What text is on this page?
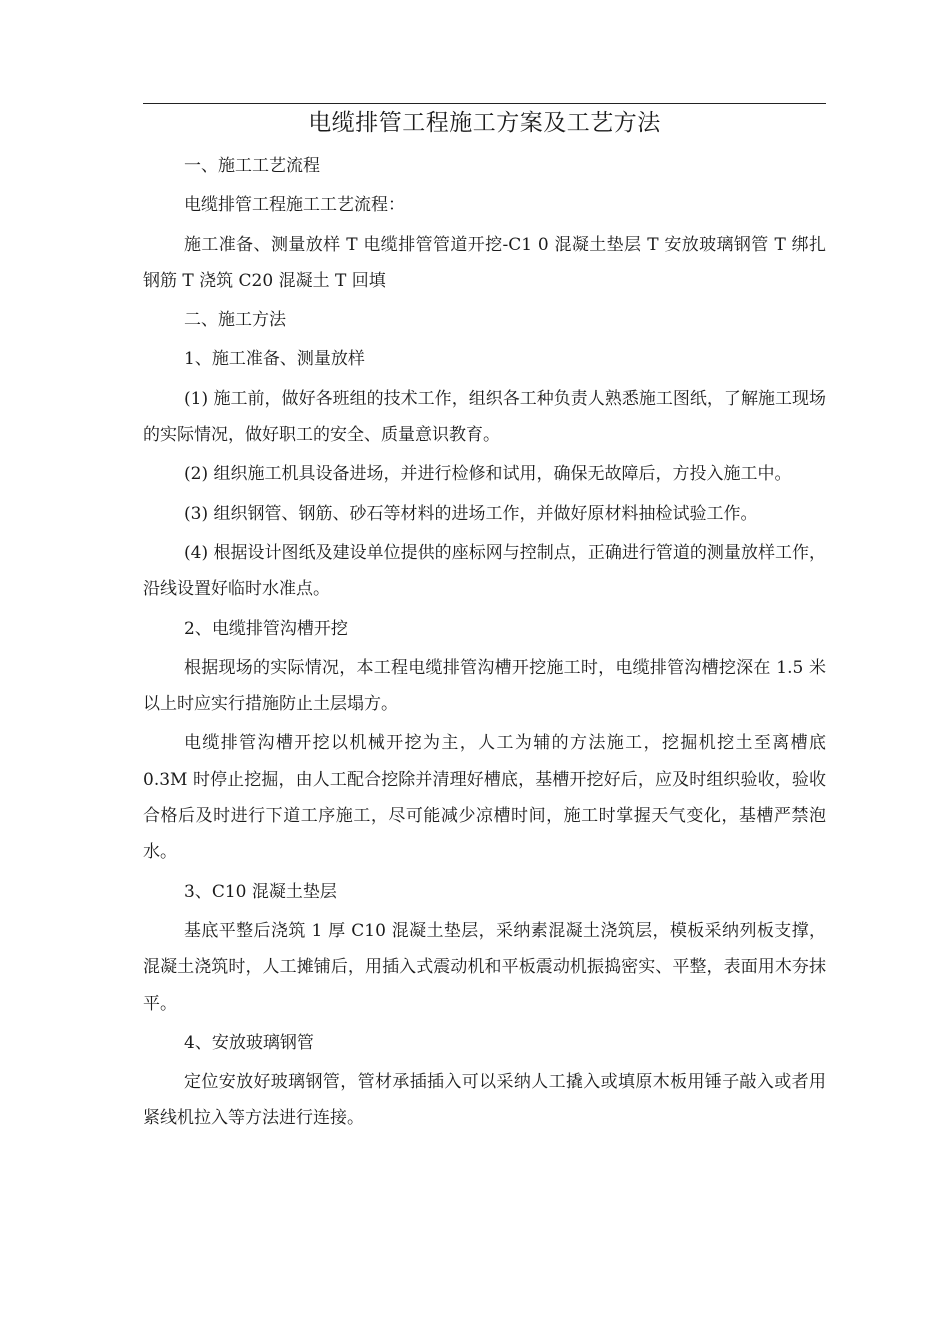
电缆排管工程施工方案及工艺方法

一、施工工艺流程

电缆排管工程施工工艺流程：

施工准备、测量放样 T 电缆排管管道开挖-C1 0 混凝土垫层 T 安放玻璃钢管 T 绑扎钢筋 T 浇筑 C20 混凝土 T 回填

二、施工方法

1、施工准备、测量放样

(1) 施工前，做好各班组的技术工作，组织各工种负责人熟悉施工图纸，了解施工现场的实际情况，做好职工的安全、质量意识教育。

(2) 组织施工机具设备进场，并进行检修和试用，确保无故障后，方投入施工中。

(3) 组织钢管、钢筋、砂石等材料的进场工作，并做好原材料抽检试验工作。

(4) 根据设计图纸及建设单位提供的座标网与控制点，正确进行管道的测量放样工作，沿线设置好临时水准点。

2、电缆排管沟槽开挖

根据现场的实际情况，本工程电缆排管沟槽开挖施工时，电缆排管沟槽挖深在 1.5 米以上时应实行措施防止土层塌方。

电缆排管沟槽开挖以机械开挖为主，人工为辅的方法施工，挖掘机挖土至离槽底 0.3M 时停止挖掘，由人工配合挖除并清理好槽底，基槽开挖好后，应及时组织验收，验收合格后及时进行下道工序施工，尽可能减少凉槽时间，施工时掌握天气变化，基槽严禁泡水。

3、C10 混凝土垫层

基底平整后浇筑 1 厚 C10 混凝土垫层，采纳素混凝土浇筑层，模板采纳列板支撑，混凝土浇筑时，人工摊铺后，用插入式震动机和平板震动机振捣密实、平整，表面用木夯抹平。

4、安放玻璃钢管

定位安放好玻璃钢管，管材承插插入可以采纳人工撬入或填原木板用锤子敲入或者用紧线机拉入等方法进行连接。
